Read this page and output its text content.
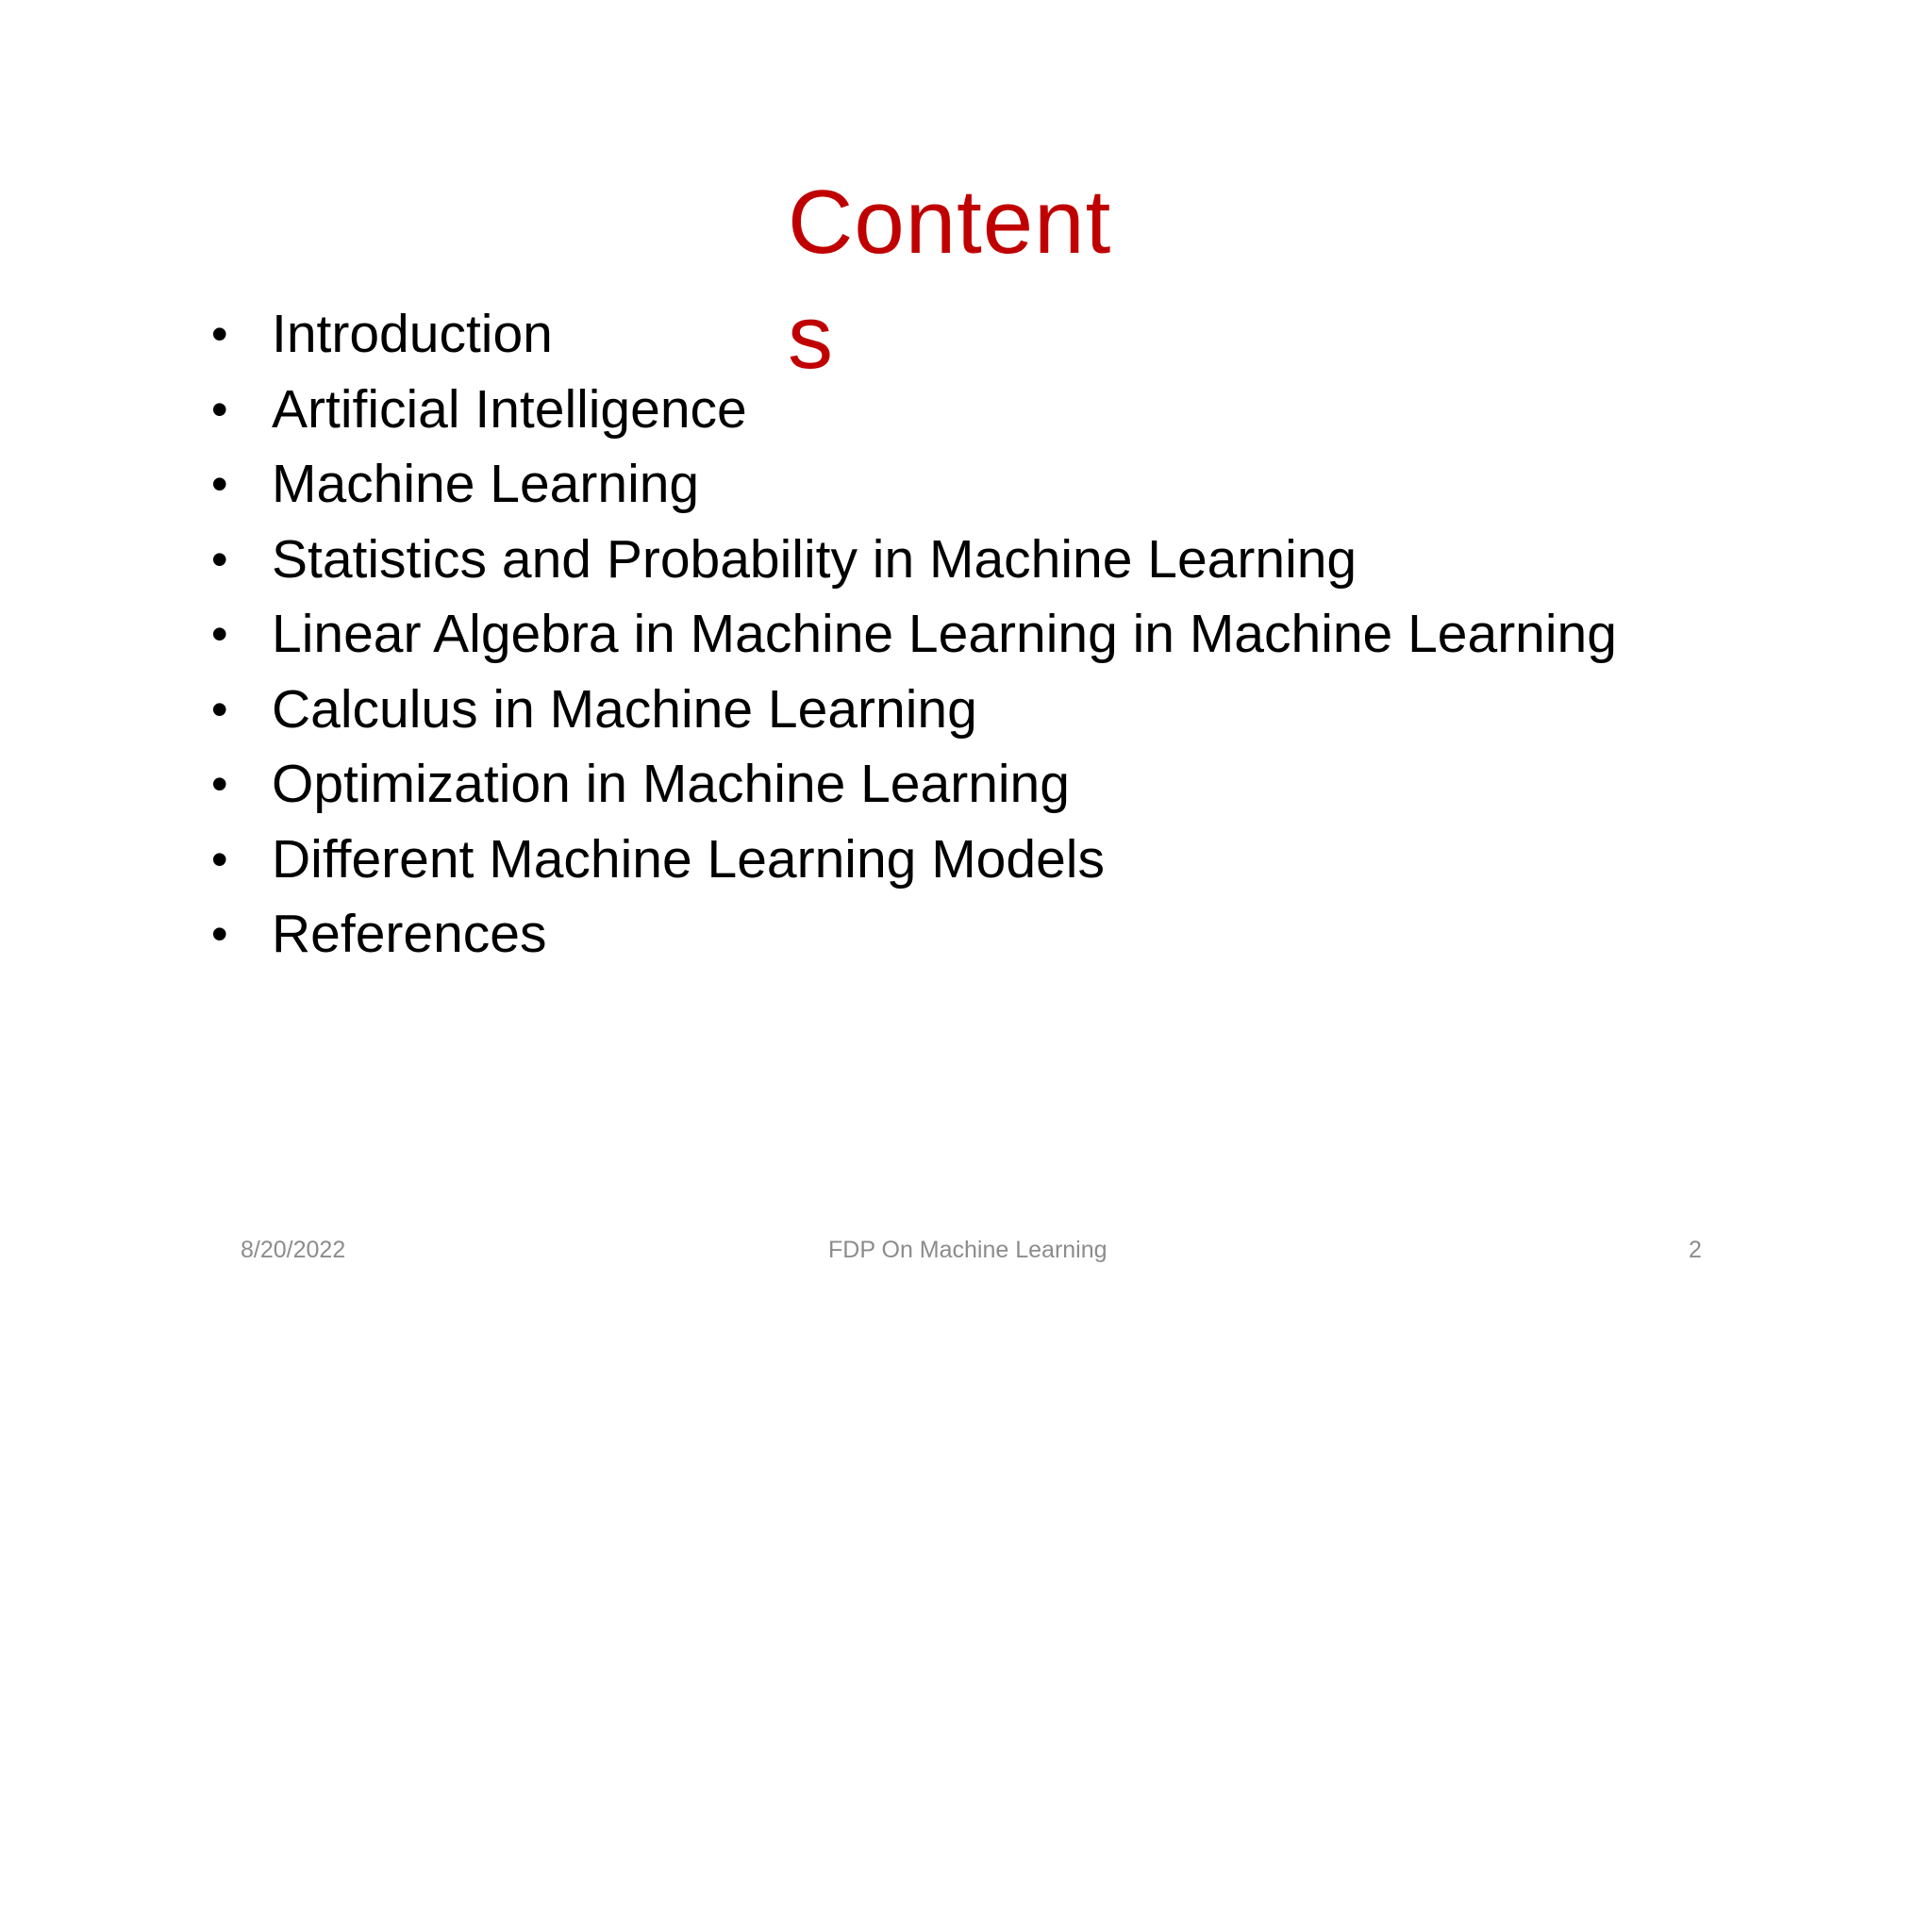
Contents
• Introduction
• Artificial Intelligence
• Machine Learning
• Statistics and Probability in Machine Learning
• Linear Algebra in Machine Learning in Machine Learning
• Calculus in Machine Learning
• Optimization in Machine Learning
• Different Machine Learning Models
• References
8/20/2022	FDP On Machine Learning	2
